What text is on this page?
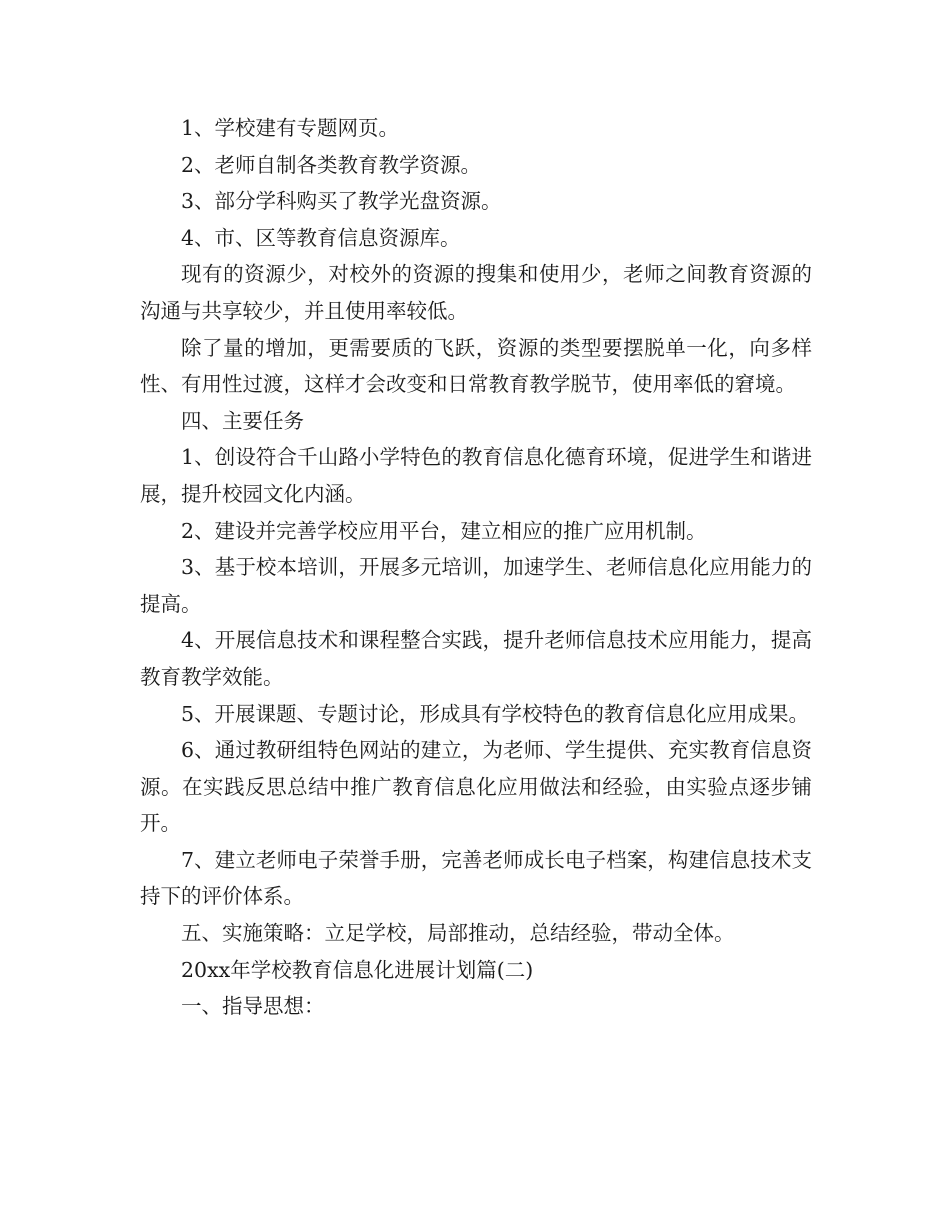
1、学校建有专题网页。

2、老师自制各类教育教学资源。

3、部分学科购买了教学光盘资源。

4、市、区等教育信息资源库。

现有的资源少，对校外的资源的搜集和使用少，老师之间教育资源的沟通与共享较少，并且使用率较低。

除了量的增加，更需要质的飞跃，资源的类型要摆脱单一化，向多样性、有用性过渡，这样才会改变和日常教育教学脱节，使用率低的窘境。

四、主要任务

1、创设符合千山路小学特色的教育信息化德育环境，促进学生和谐进展，提升校园文化内涵。

2、建设并完善学校应用平台，建立相应的推广应用机制。

3、基于校本培训，开展多元培训，加速学生、老师信息化应用能力的提高。

4、开展信息技术和课程整合实践，提升老师信息技术应用能力，提高教育教学效能。

5、开展课题、专题讨论，形成具有学校特色的教育信息化应用成果。

6、通过教研组特色网站的建立，为老师、学生提供、充实教育信息资源。在实践反思总结中推广教育信息化应用做法和经验，由实验点逐步铺开。

7、建立老师电子荣誉手册，完善老师成长电子档案，构建信息技术支持下的评价体系。

五、实施策略：立足学校，局部推动，总结经验，带动全体。

20xx年学校教育信息化进展计划篇(二)

一、指导思想：
